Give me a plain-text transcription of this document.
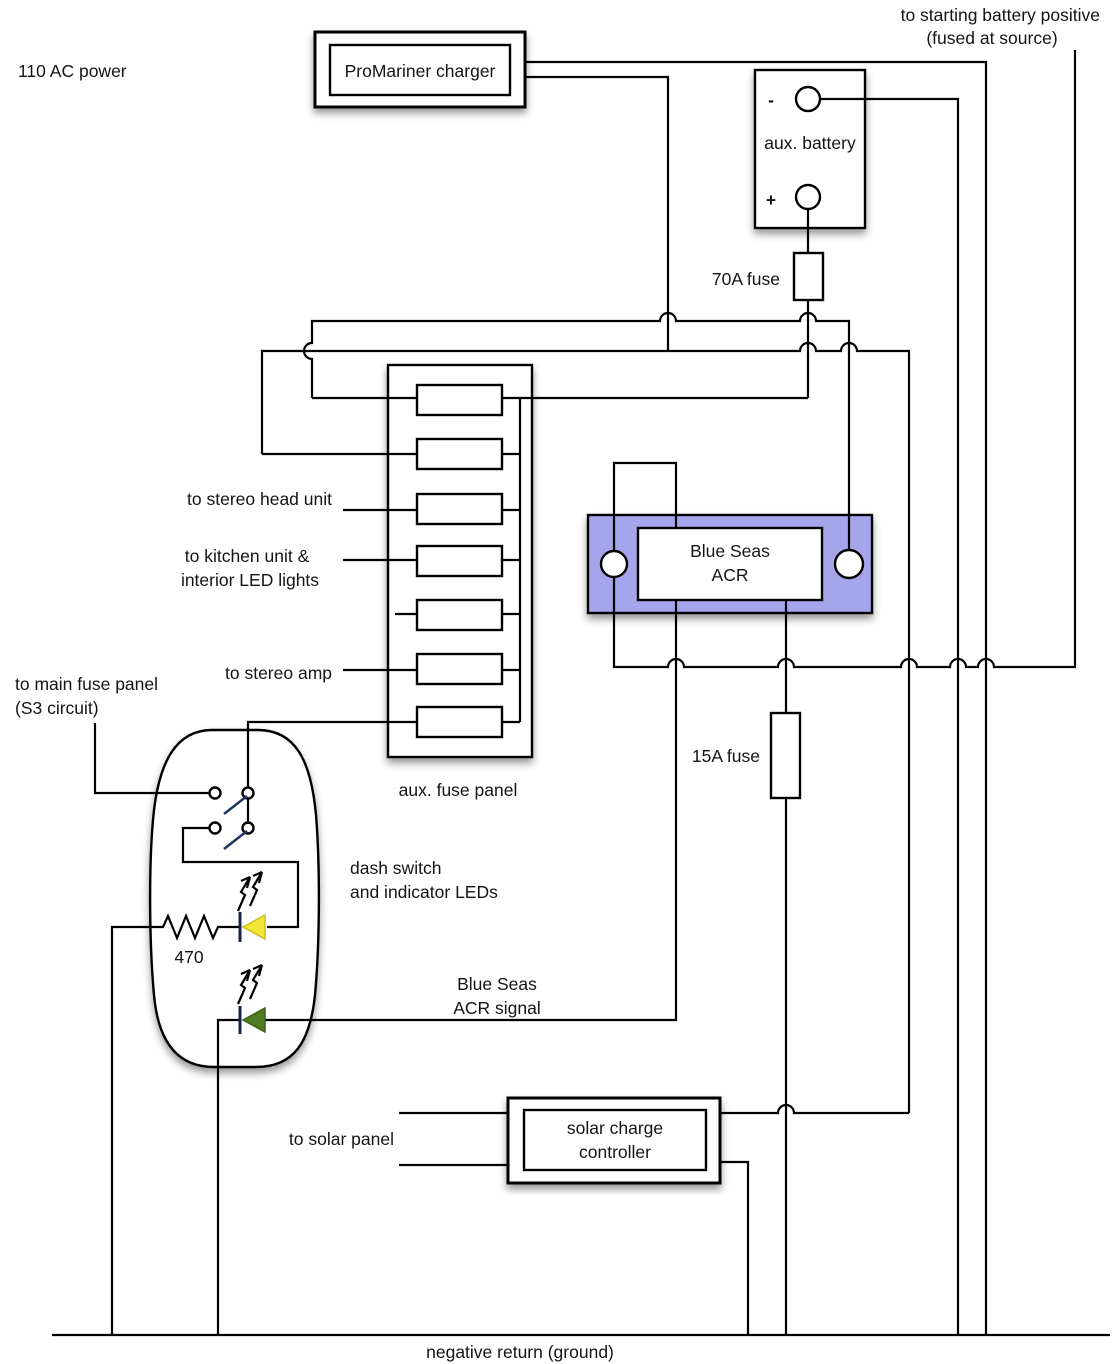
110 AC power	ProMariner charger
to starting battery positive
(fused at source)
-
aux. battery
+
70A fuse
to stereo head unit
to kitchen unit &
interior LED lights
Blue Seas
ACR
to stereo amp
to main fuse panel
(S3 circuit)
15A fuse
aux. fuse panel
dash switch
and indicator LEDs
470
Blue Seas
ACR signal
solar charge
controller
to solar panel
negative return (ground)
